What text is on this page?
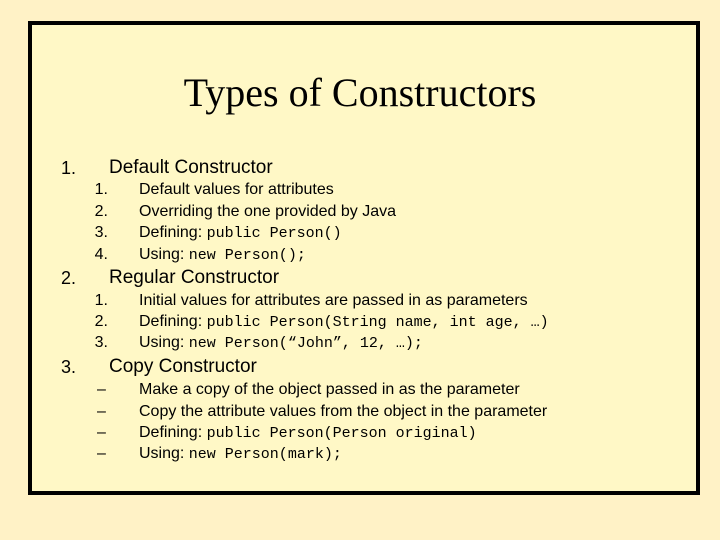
Types of Constructors
1. Default Constructor
1. Default values for attributes
2. Overriding the one provided by Java
3. Defining: public Person()
4. Using: new Person();
2. Regular Constructor
1. Initial values for attributes are passed in as parameters
2. Defining: public Person(String name, int age, …)
3. Using: new Person(“John”, 12, …);
3. Copy Constructor
– Make a copy of the object passed in as the parameter
– Copy the attribute values from the object in the parameter
– Defining: public Person(Person original)
– Using: new Person(mark);
